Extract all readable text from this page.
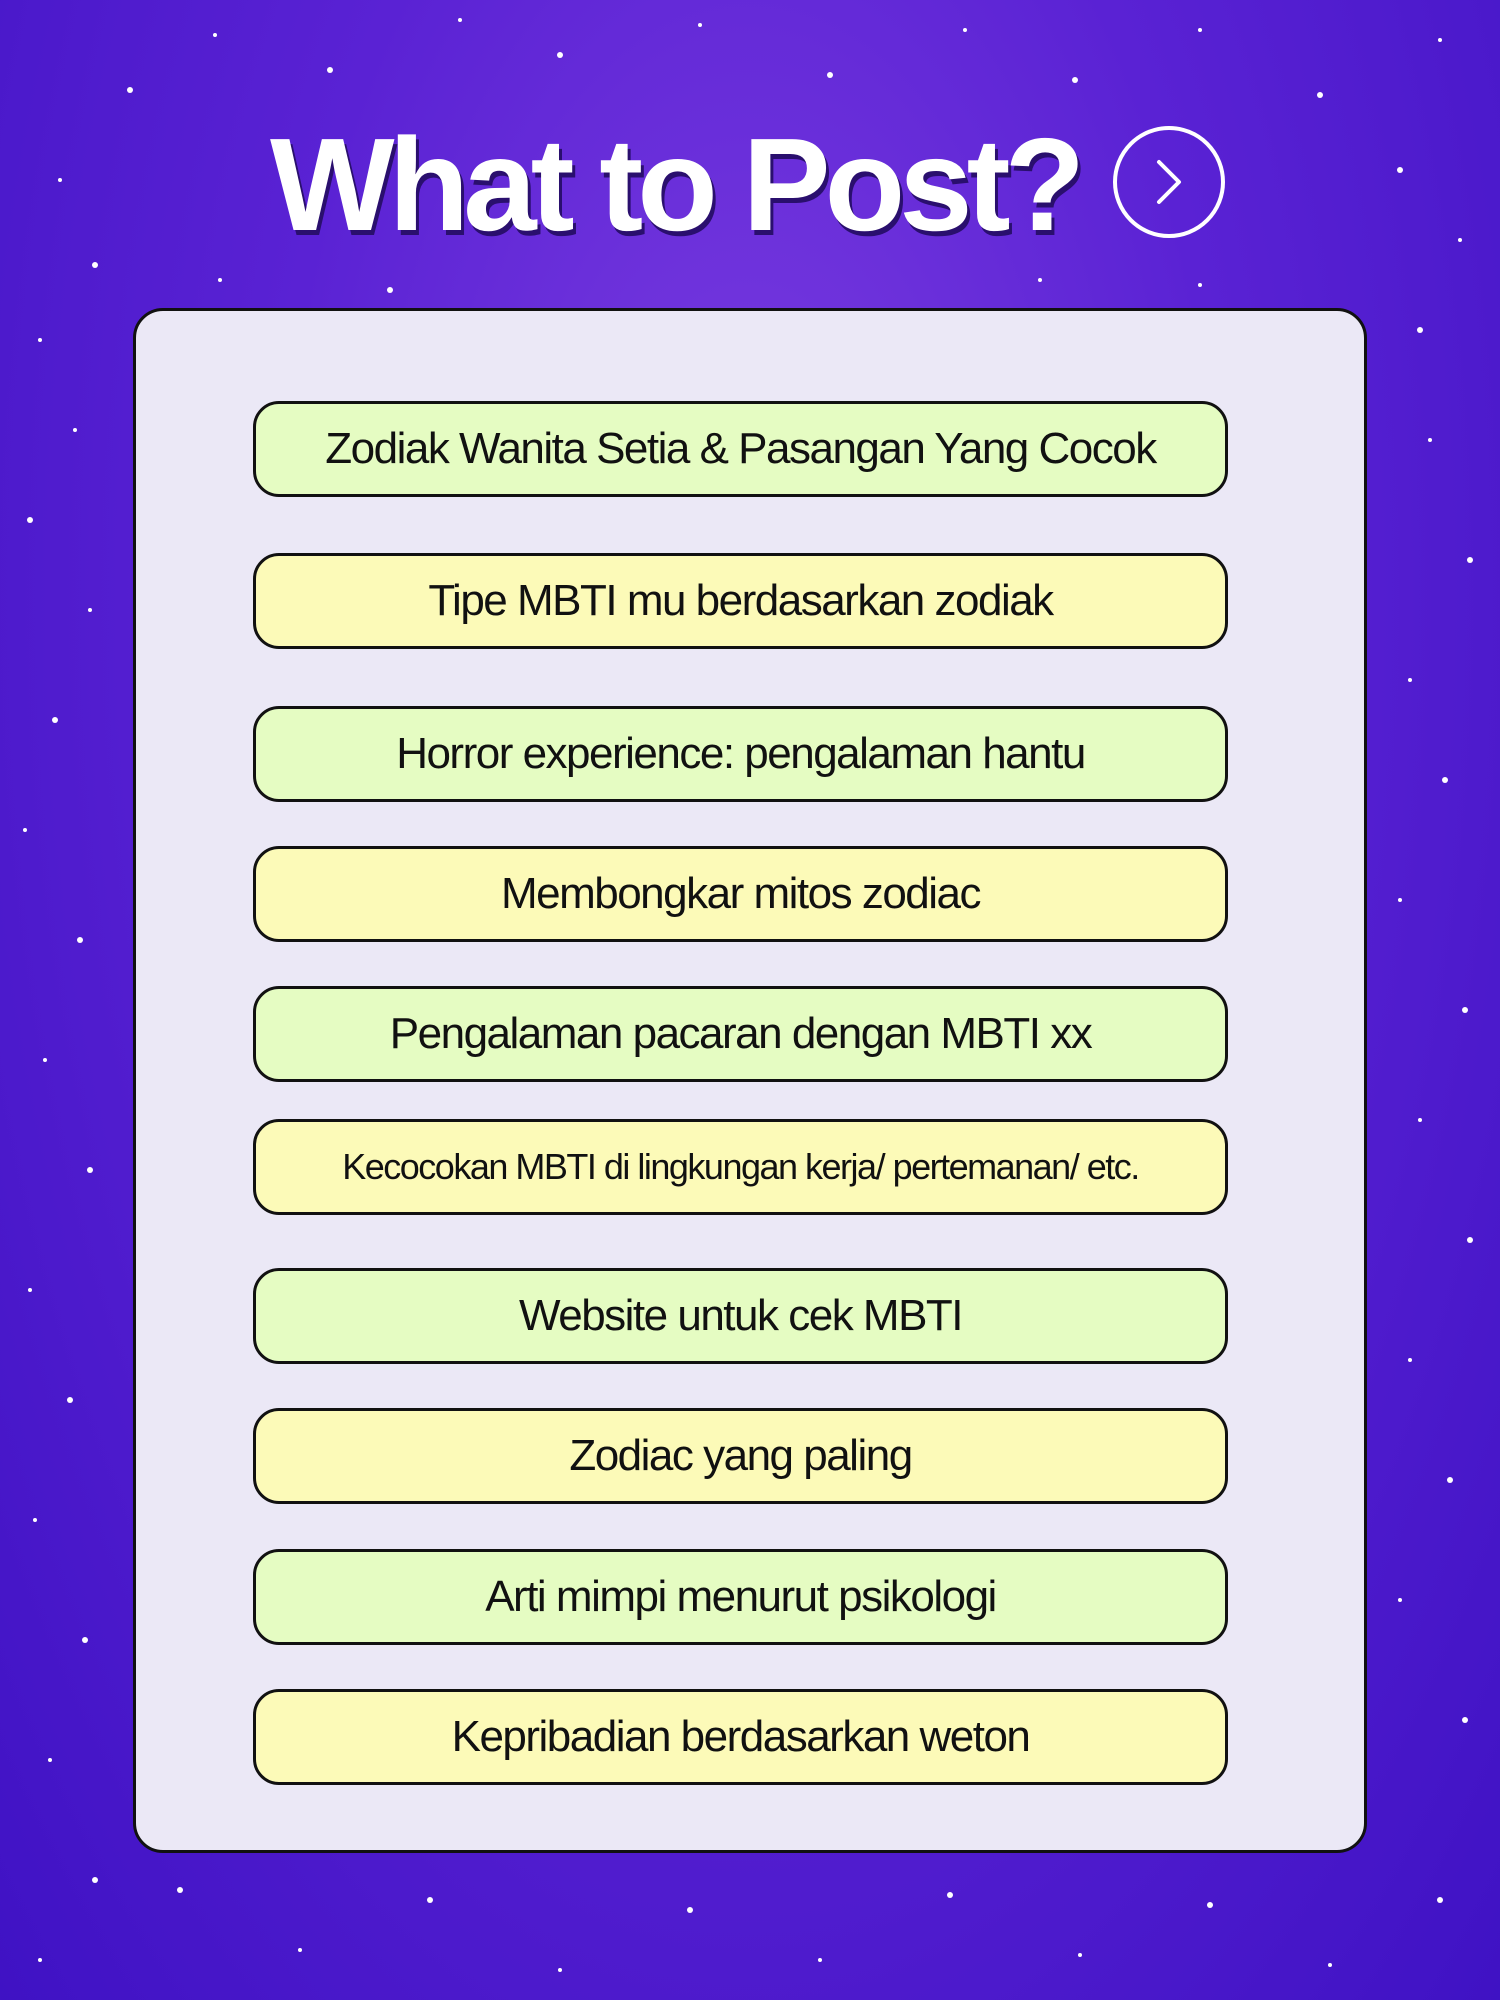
What to Post?
Zodiak Wanita Setia & Pasangan Yang Cocok
Tipe MBTI mu berdasarkan zodiak
Horror experience: pengalaman hantu
Membongkar mitos zodiac
Pengalaman pacaran dengan MBTI xx
Kecocokan MBTI di lingkungan kerja/ pertemanan/ etc.
Website untuk cek MBTI
Zodiac yang paling
Arti mimpi menurut psikologi
Kepribadian berdasarkan weton
